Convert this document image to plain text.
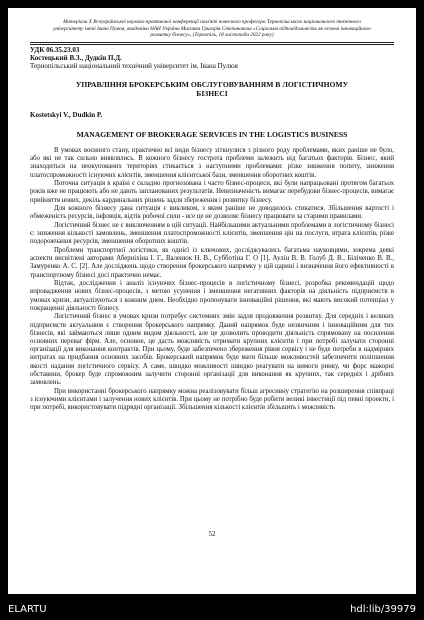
Матеріали X Всеукраїнської науково-практичної конференції пам'яті почесного професора Тернопільського національного технічного університету імені Івана Пулюя, академіка НАН України Мисника Григорія Степановича «Соціальна відповідальність як основа інноваційного розвитку бізнесу», (Тернопіль, 18 листопада 2022 року)
УДК 06.35.23.03
Костецький В.З., Дудкін П.Д.
Тернопільський національний технічний університет ім. Івана Пулюя
УПРАВЛІННЯ БРОКЕРСЬКИМ ОБСЛУГОВУВАННЯМ В ЛОГІСТИЧНОМУ БІЗНЕСІ
Kostetskyi V., Dudkin P.
MANAGEMENT OF BROKERAGE SERVICES IN THE LOGISTICS BUSINESS

В умовах воєнного стану, практично всі види бізнесу зіткнулися з різного роду проблемами, яких раніше не було, або які не так сильно виявлялись. В кожного бізнесу гострота проблеми залежить від багатьох факторів. Бізнес, який знаходиться на неокупованих територіях стикається з наступними проблемами: різке зниження попиту, зниження платоспроможності існуючих клієнтів, зменшення клієнтської бази, зменшення оборотних коштів.

Поточна ситуація в країні є складно прогнозована і часто бізнес-процеси, які були напрацьовані протягом багатьох років вже не працюють або не дають запланованих результатів. Невизначеність вимагає перебудови бізнес-процесів, вимагає прийняття нових, декіль кардинальних рішень задля збереження і розвитку бізнесу.

Для кожного бізнесу дана ситуація є викликом, з яким раніше не доводилось стикатися. Збільшення вартості і обмеженість ресурсів, інфляція, відтік робочої сили - все це не дозволяє бізнесу працювати за старими правилами.

Логістичний бізнес не є виключенням в цій ситуації. Найбільшими актуальними проблемами в логістичному бізнесі є: зниження кількості замовлень, зменшення платоспроможності клієнтів, зменшення цін на послуги, втрата клієнтів, різке подорожчання ресурсів, зменшення оборотних коштів.

Проблеми транспортної логістики, як однієї із ключових, досліджувались багатьма науковцями, зокрема деякі аспекти висвітлені авторами Аберніхіна І. Г., Валенюк Н. В., Субботіна Г. О [1], Аулін В. В. Голуб Д. В., Біліченко В. В., Замуренко А. С. [2]. Але досліджень щодо створення брокерського напрямку у цій царині і визначення його ефективності в транспортному бізнесі досі практично немає.

Відтак, дослідження і аналіз існуючих бізнес-процесів в логістичному бізнесі, розробка рекомендацій щодо впровадження нових бізнес-процесів, з метою усунення і зменшення негативних факторів на діяльність підприємств в умовах кризи, актуалізуються з кожним днем. Необхідно пропонувати інноваційні рішення, які мають високий потенціал у покращенні діяльності бізнесу.

Логістичний бізнес в умовах кризи потребує системних змін задля продовження розвитку. Для середніх і великих підприємств актуальним є створення брокерського напрямку. Даний напрямок буде незвичним і інноваційним для тих бізнесів, які займаються лише одним видом діяльності, але це дозволить проводити діяльність спрямовану на посилення основних переваг фірм. Але, основне, це дасть можливість отримати крупних клієнтів і при потребі залучати сторонні організації для виконання контрактів. При цьому, буде забезпечено збереження рівня сервісу і не буде потреби в надмірних витратах на придбання основних засобів. Брокерський напрямок буде мати більше можливостей забезпечити поліпшення якості надання логістичного сервісу. А саме, швидко можливості швидко реагувати на вимоги ринку, чи форс мажорні обставини, брокер буде спроможним залучити сторонні організації для виконання як крупних, так середніх і дрібних замовлень.

При використанні брокерського напрямку можна реалізовувати більш агресивну стратегію на розширення співпраці з існуючими клієнтами і залучення нових клієнтів. При цьому не потрібно буде робити великі інвестиції під певні проекти, і при потребі, використовувати підрядні організації. Збільшення кількості клієнтів збільшить і можливість

52
ELARTU	hdl:lib/39979
